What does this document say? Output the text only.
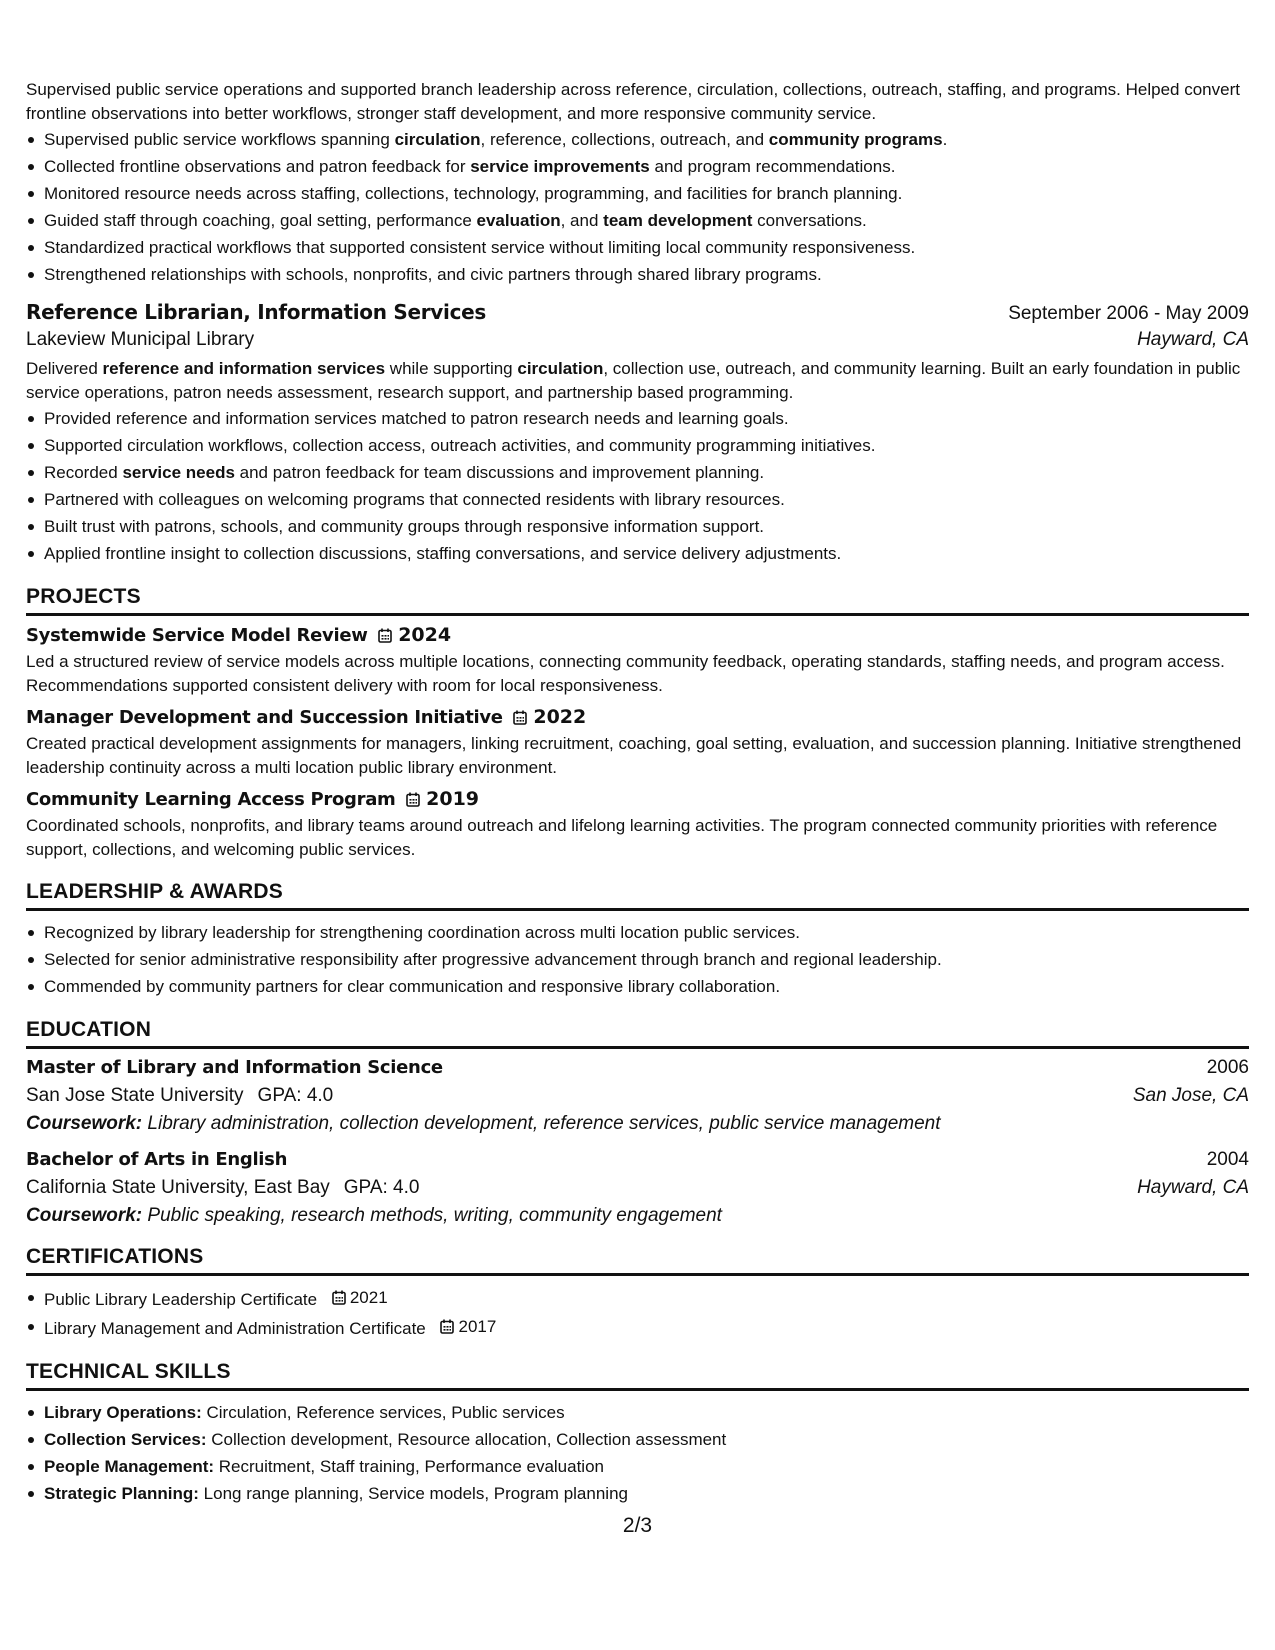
Supervised public service operations and supported branch leadership across reference, circulation, collections, outreach, staffing, and programs. Helped convert frontline observations into better workflows, stronger staff development, and more responsive community service.

Supervised public service workflows spanning circulation, reference, collections, outreach, and community programs.
Collected frontline observations and patron feedback for service improvements and program recommendations.
Monitored resource needs across staffing, collections, technology, programming, and facilities for branch planning.
Guided staff through coaching, goal setting, performance evaluation, and team development conversations.
Standardized practical workflows that supported consistent service without limiting local community responsiveness.
Strengthened relationships with schools, nonprofits, and civic partners through shared library programs.
Reference Librarian, Information Services	September 2006 - May 2009
Lakeview Municipal Library	Hayward, CA

Delivered reference and information services while supporting circulation, collection use, outreach, and community learning. Built an early foundation in public service operations, patron needs assessment, research support, and partnership based programming.

Provided reference and information services matched to patron research needs and learning goals.
Supported circulation workflows, collection access, outreach activities, and community programming initiatives.
Recorded service needs and patron feedback for team discussions and improvement planning.
Partnered with colleagues on welcoming programs that connected residents with library resources.
Built trust with patrons, schools, and community groups through responsive information support.
Applied frontline insight to collection discussions, staffing conversations, and service delivery adjustments.
PROJECTS
Systemwide Service Model Review	2024

Led a structured review of service models across multiple locations, connecting community feedback, operating standards, staffing needs, and program access. Recommendations supported consistent delivery with room for local responsiveness.

Manager Development and Succession Initiative	2022

Created practical development assignments for managers, linking recruitment, coaching, goal setting, evaluation, and succession planning. Initiative strengthened leadership continuity across a multi location public library environment.

Community Learning Access Program	2019

Coordinated schools, nonprofits, and library teams around outreach and lifelong learning activities. The program connected community priorities with reference support, collections, and welcoming public services.

LEADERSHIP & AWARDS
Recognized by library leadership for strengthening coordination across multi location public services.
Selected for senior administrative responsibility after progressive advancement through branch and regional leadership.
Commended by community partners for clear communication and responsive library collaboration.
EDUCATION
Master of Library and Information Science	2006
San Jose State University GPA: 4.0	San Jose, CA
Coursework: Library administration, collection development, reference services, public service management
Bachelor of Arts in English	2004
California State University, East Bay GPA: 4.0	Hayward, CA
Coursework: Public speaking, research methods, writing, community engagement
CERTIFICATIONS
Public Library Leadership Certificate 2021
Library Management and Administration Certificate 2017
TECHNICAL SKILLS
Library Operations: Circulation, Reference services, Public services
Collection Services: Collection development, Resource allocation, Collection assessment
People Management: Recruitment, Staff training, Performance evaluation
Strategic Planning: Long range planning, Service models, Program planning
2/3
